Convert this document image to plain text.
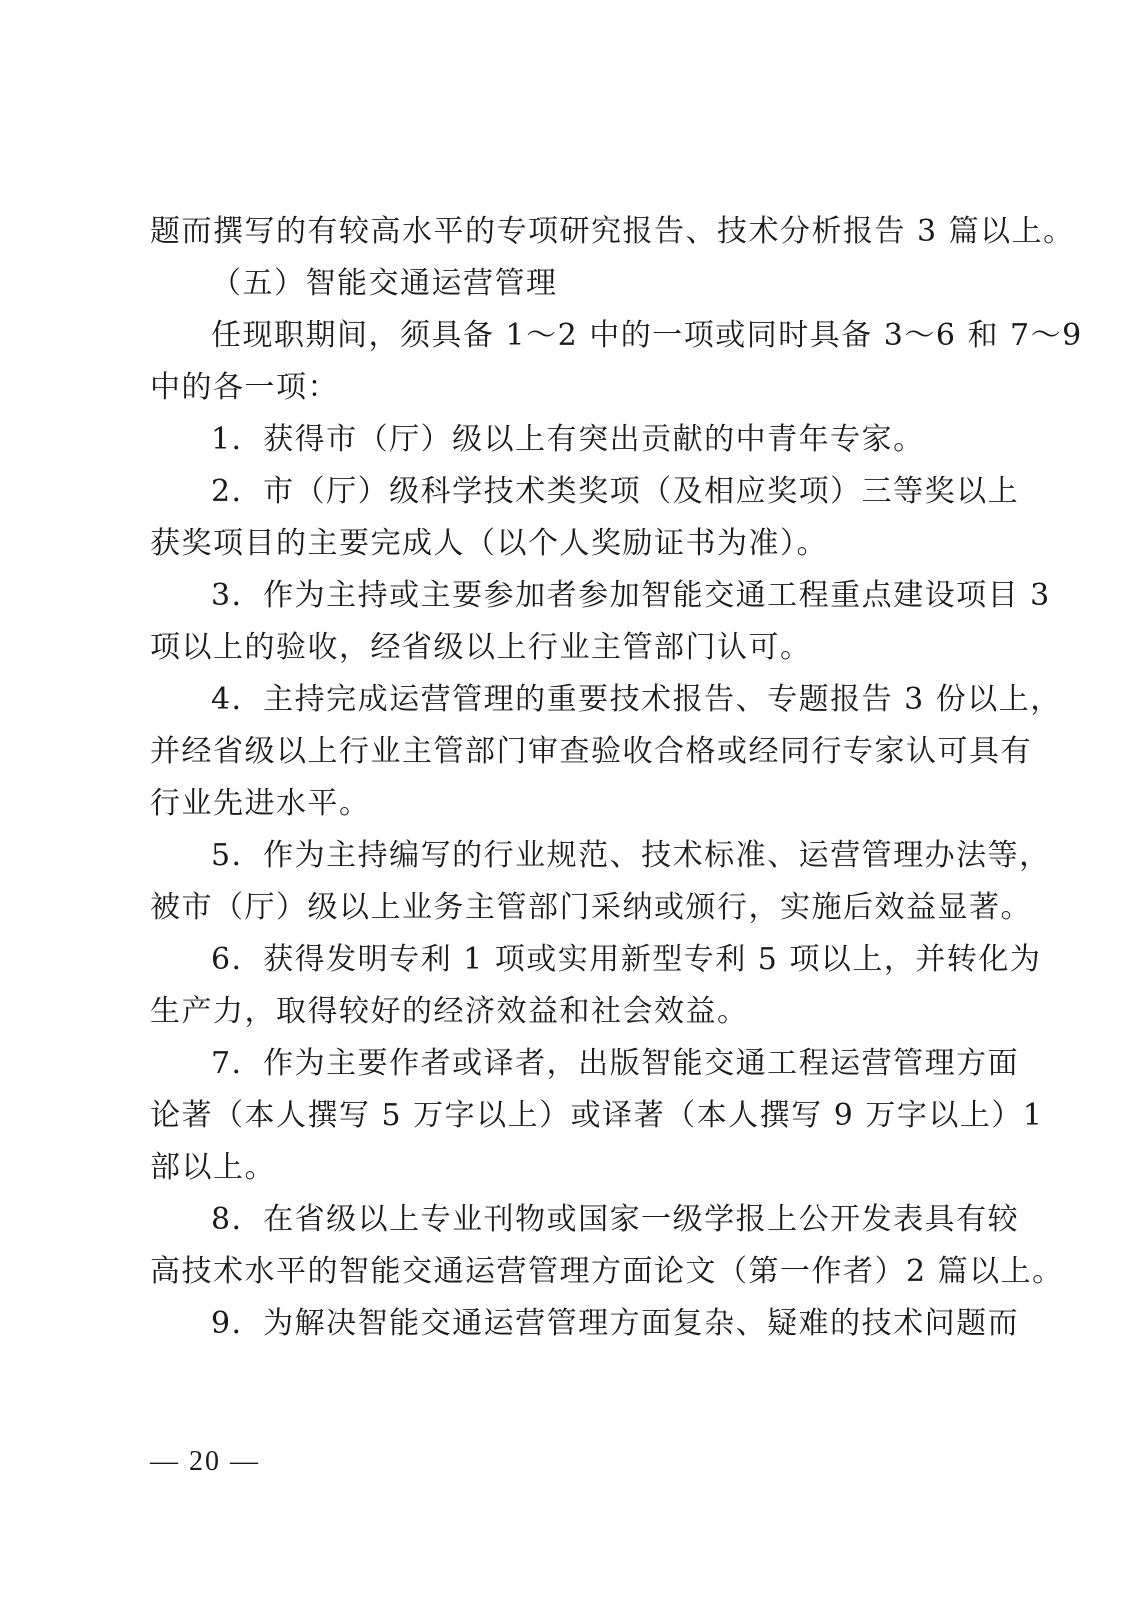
题而撰写的有较高水平的专项研究报告、技术分析报告 3 篇以上。
（五）智能交通运营管理
任现职期间，须具备 1～2 中的一项或同时具备 3～6 和 7～9
中的各一项：
1．获得市（厅）级以上有突出贡献的中青年专家。
2．市（厅）级科学技术类奖项（及相应奖项）三等奖以上
获奖项目的主要完成人（以个人奖励证书为准）。
3．作为主持或主要参加者参加智能交通工程重点建设项目 3
项以上的验收，经省级以上行业主管部门认可。
4．主持完成运营管理的重要技术报告、专题报告 3 份以上，
并经省级以上行业主管部门审查验收合格或经同行专家认可具有
行业先进水平。
5．作为主持编写的行业规范、技术标准、运营管理办法等，
被市（厅）级以上业务主管部门采纳或颁行，实施后效益显著。
6．获得发明专利 1 项或实用新型专利 5 项以上，并转化为
生产力，取得较好的经济效益和社会效益。
7．作为主要作者或译者，出版智能交通工程运营管理方面
论著（本人撰写 5 万字以上）或译著（本人撰写 9 万字以上）1
部以上。
8．在省级以上专业刊物或国家一级学报上公开发表具有较
高技术水平的智能交通运营管理方面论文（第一作者）2 篇以上。
9．为解决智能交通运营管理方面复杂、疑难的技术问题而
— 20 —
